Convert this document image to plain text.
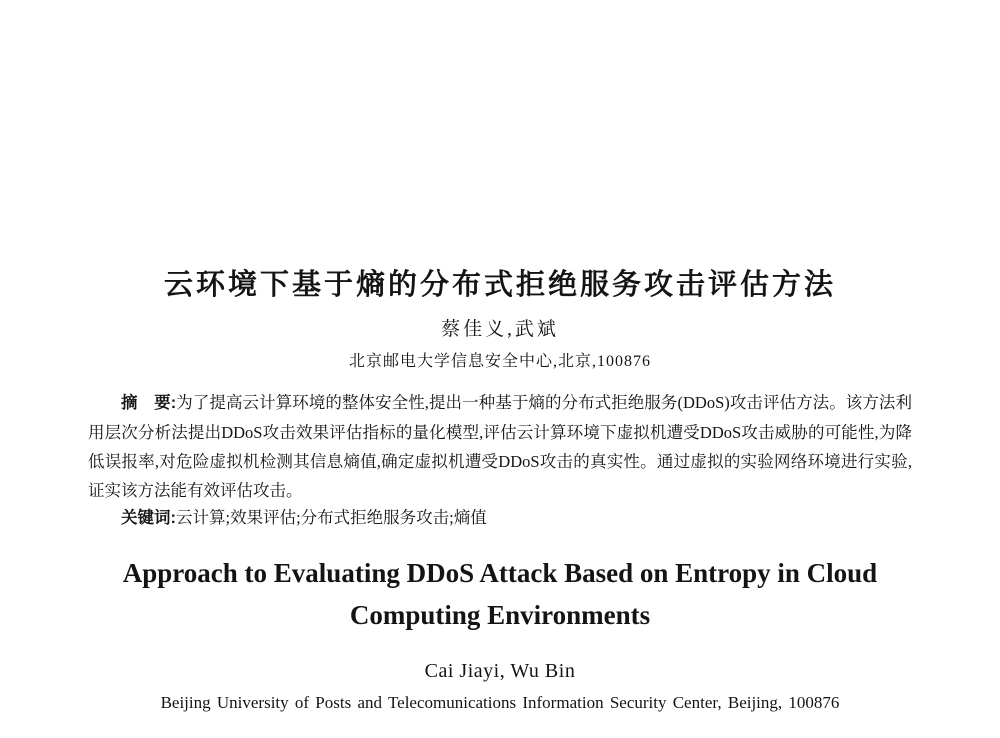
云环境下基于熵的分布式拒绝服务攻击评估方法
蔡佳义,武斌
北京邮电大学信息安全中心,北京,100876

摘　要:为了提高云计算环境的整体安全性,提出一种基于熵的分布式拒绝服务(DDoS)攻击评估方法。该方法利用层次分析法提出DDoS攻击效果评估指标的量化模型,评估云计算环境下虚拟机遭受DDoS攻击威胁的可能性,为降低误报率,对危险虚拟机检测其信息熵值,确定虚拟机遭受DDoS攻击的真实性。通过虚拟的实验网络环境进行实验,证实该方法能有效评估攻击。

关键词:云计算;效果评估;分布式拒绝服务攻击;熵值

Approach to Evaluating DDoS Attack Based on Entropy in Cloud Computing Environments
Cai Jiayi, Wu Bin
Beijing University of Posts and Telecomunications Information Security Center, Beijing, 100876
